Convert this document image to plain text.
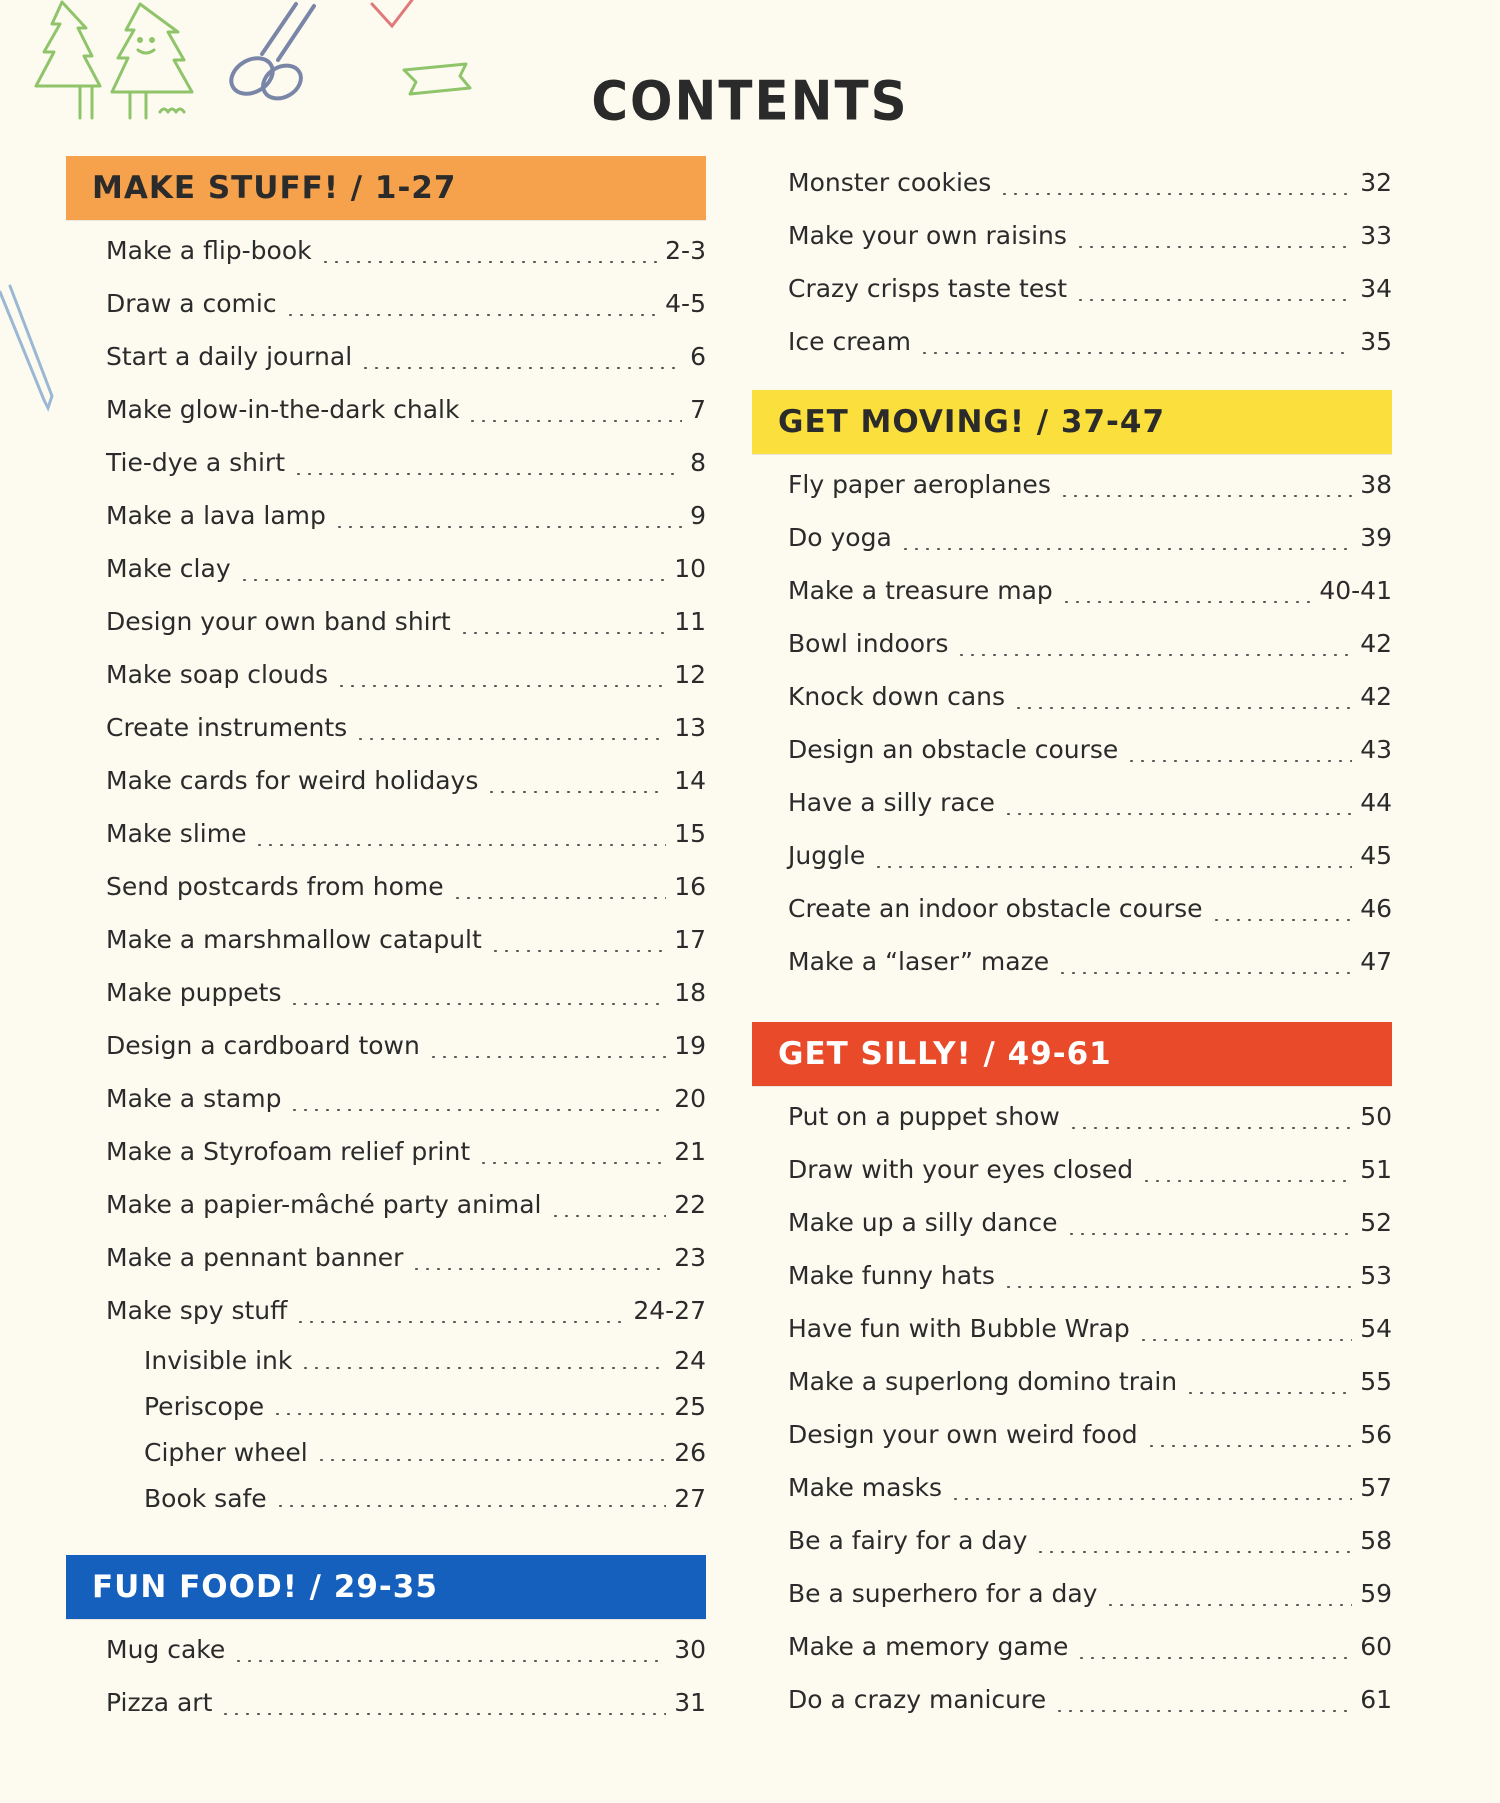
CONTENTS
MAKE STUFF! / 1-27
Make a flip-book	2-3
Draw a comic	4-5
Start a daily journal	6
Make glow-in-the-dark chalk	7
Tie-dye a shirt	8
Make a lava lamp	9
Make clay	10
Design your own band shirt	11
Make soap clouds	12
Create instruments	13
Make cards for weird holidays	14
Make slime	15
Send postcards from home	16
Make a marshmallow catapult	17
Make puppets	18
Design a cardboard town	19
Make a stamp	20
Make a Styrofoam relief print	21
Make a papier-mâché party animal	22
Make a pennant banner	23
Make spy stuff	24-27
Invisible ink	24
Periscope	25
Cipher wheel	26
Book safe	27
FUN FOOD! / 29-35
Mug cake	30
Pizza art	31
Monster cookies	32
Make your own raisins	33
Crazy crisps taste test	34
Ice cream	35
GET MOVING! / 37-47
Fly paper aeroplanes	38
Do yoga	39
Make a treasure map	40-41
Bowl indoors	42
Knock down cans	42
Design an obstacle course	43
Have a silly race	44
Juggle	45
Create an indoor obstacle course	46
Make a “laser” maze	47
GET SILLY! / 49-61
Put on a puppet show	50
Draw with your eyes closed	51
Make up a silly dance	52
Make funny hats	53
Have fun with Bubble Wrap	54
Make a superlong domino train	55
Design your own weird food	56
Make masks	57
Be a fairy for a day	58
Be a superhero for a day	59
Make a memory game	60
Do a crazy manicure	61
